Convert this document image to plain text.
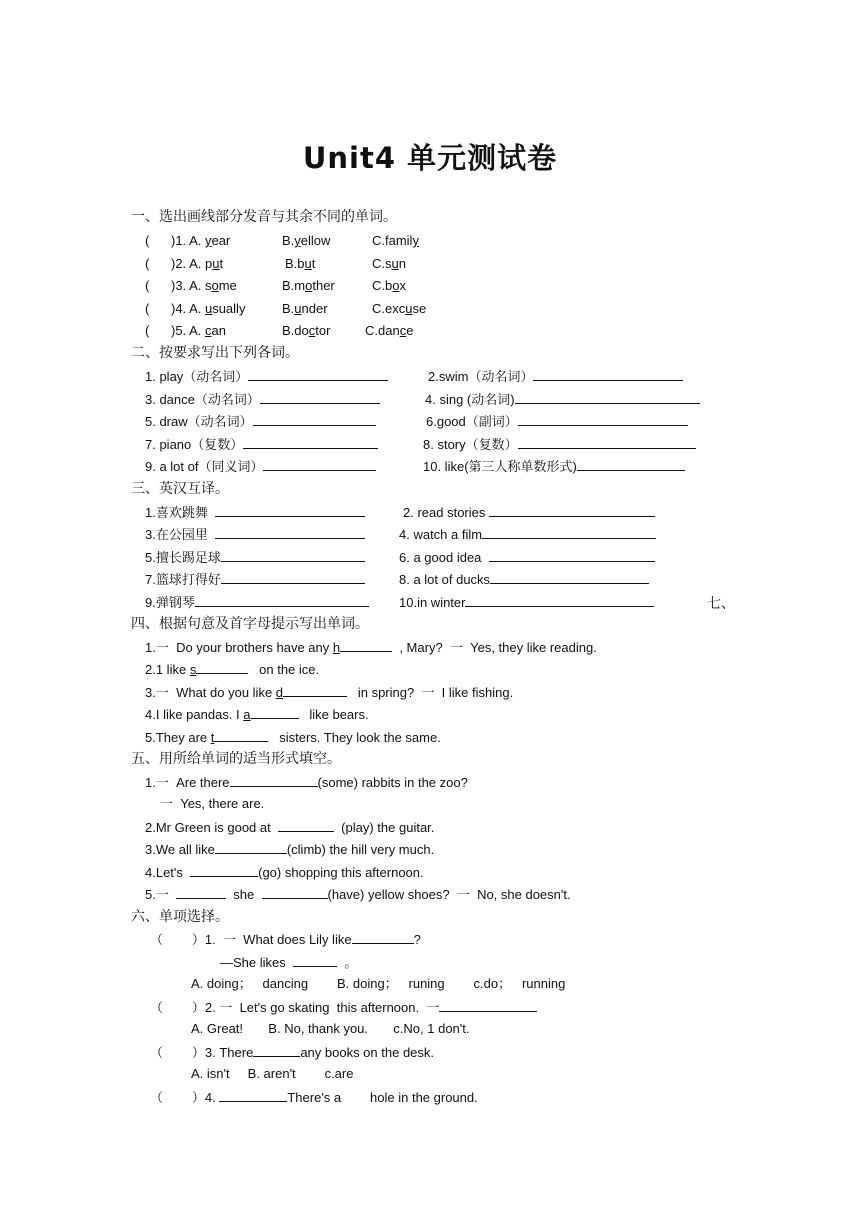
Unit4 单元测试卷
一、选出画线部分发音与其余不同的单词。
(      )1. A. year	B.yellow	C.family
(      )2. A. put	B.but	C.sun
(      )3. A. some	B.mother	C.box
(      )4. A. usually	B.under	C.excuse
(      )5. A. can	B.doctor	C.dance
二、按要求写出下列各词。
1. play（动名词）	2.swim（动名词）
3. dance（动名词）	4. sing (动名词)
5. draw（动名词）	6.good（副词）
7. piano（复数）	8. story（复数）
9. a lot of（同义词）	10. like(第三人称单数形式)
三、英汉互译。
1.喜欢跳舞	2. read stories
3.在公园里	4. watch a film
5.擅长踢足球	6. a good idea
7.篮球打得好	8. a lot of ducks
9.弹钢琴	10.in winter	七、
四、根据句意及首字母提示写出单词。
1.一  Do your brothers have any h	, Mary?  一  Yes, they like reading.
2.1 like s	on the ice.
3.一  What do you like d	in spring?  一  I like fishing.
4.I like pandas. I a	like bears.
5.They are t	sisters. They look the same.
五、用所给单词的适当形式填空。
1.一  Are there	(some) rabbits in the zoo?
一  Yes, there are.
2.Mr Green is good at	(play) the guitar.
3.We all like	(climb) the hill very much.
4.Let's	(go) shopping this afternoon.
5.一	she	(have) yellow shoes?  一  No, she doesn't.
六、单项选择。
（        ）1.  一  What does Lily like	?
—She likes	。
A. doing；   dancing        B. doing；   runing        c.do；   running
（        ）2. 一  Let's go skating  this afternoon.  一
A. Great!       B. No, thank you.       c.No, 1 don't.
（        ）3. There	any books on the desk.
A. isn't     B. aren't        c.are
（        ）4.	There's a        hole in the ground.
